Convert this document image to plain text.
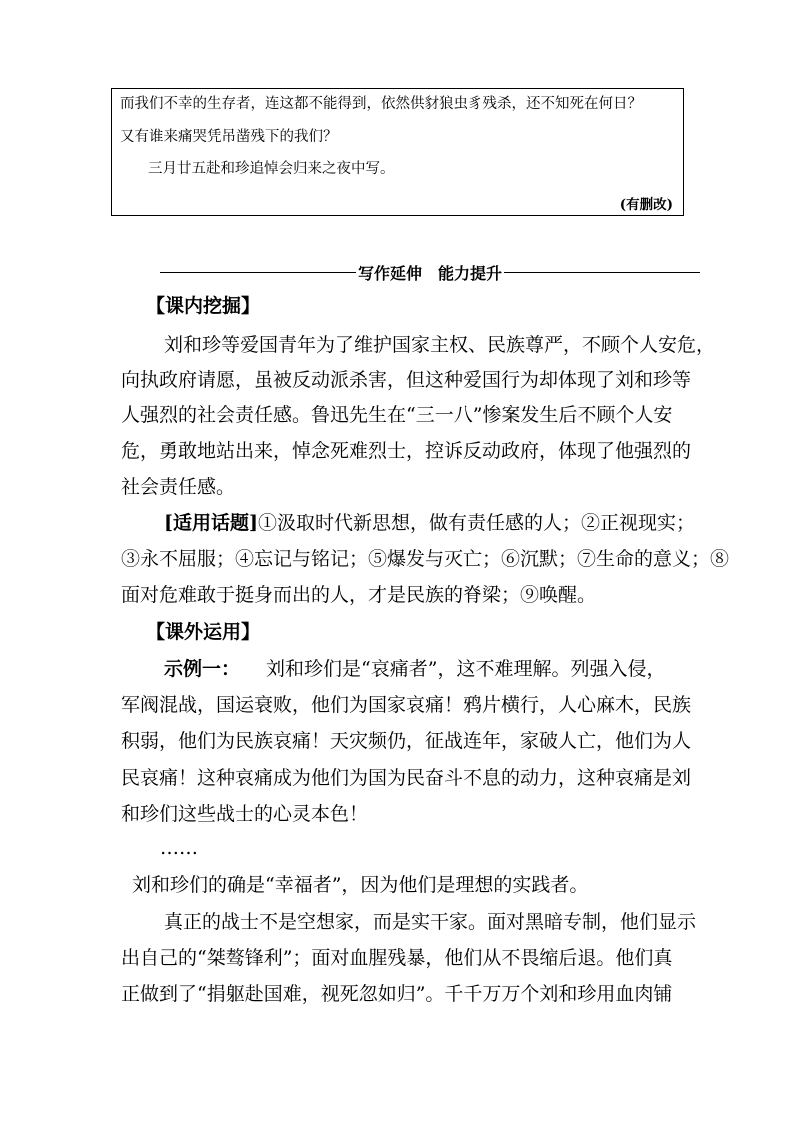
而我们不幸的生存者，连这都不能得到，依然供豺狼虫豸残杀，还不知死在何日？
又有谁来痛哭凭吊凿残下的我们？
三月廿五赴和珍追悼会归来之夜中写。
(有删改)
写作延伸　能力提升
【课内挖掘】
刘和珍等爱国青年为了维护国家主权、民族尊严，不顾个人安危，
向执政府请愿，虽被反动派杀害，但这种爱国行为却体现了刘和珍等
人强烈的社会责任感。鲁迅先生在“三一八”惨案发生后不顾个人安
危，勇敢地站出来，悼念死难烈士，控诉反动政府，体现了他强烈的
社会责任感。
[适用话题]①汲取时代新思想，做有责任感的人；②正视现实；
③永不屈服；④忘记与铭记；⑤爆发与灭亡；⑥沉默；⑦生命的意义；⑧
面对危难敢于挺身而出的人，才是民族的脊梁；⑨唤醒。
【课外运用】
示例一： 刘和珍们是“哀痛者”，这不难理解。列强入侵，
军阀混战，国运衰败，他们为国家哀痛！鸦片横行，人心麻木，民族
积弱，他们为民族哀痛！天灾频仍，征战连年，家破人亡，他们为人
民哀痛！这种哀痛成为他们为国为民奋斗不息的动力，这种哀痛是刘
和珍们这些战士的心灵本色！
……
刘和珍们的确是“幸福者”，因为他们是理想的实践者。
真正的战士不是空想家，而是实干家。面对黑暗专制，他们显示
出自己的“桀骜锋利”；面对血腥残暴，他们从不畏缩后退。他们真
正做到了“捐躯赴国难，视死忽如归”。千千万万个刘和珍用血肉铺
